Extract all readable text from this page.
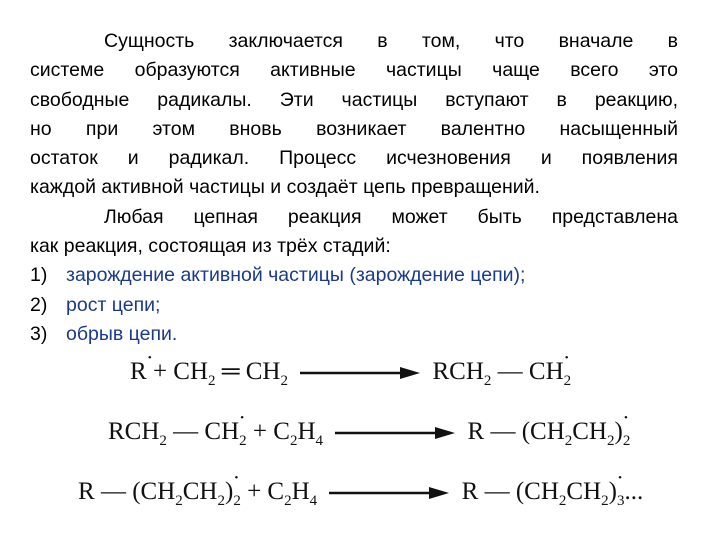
Сущность заключается в том, что вначале в
системе образуются активные частицы чаще всего это
свободные радикалы. Эти частицы вступают в реакцию,
но при этом вновь возникает валентно насыщенный
остаток и радикал. Процесс исчезновения и появления
каждой активной частицы и создаёт цепь превращений.
Любая цепная реакция может быть представлена
как реакция, состоящая из трёх стадий:
1) зарождение активной частицы (зарождение цепи);
2) рост цепи;
3) обрыв цепи.
R • + $CH_2$ ═ $CH_2$	$RCH_2$ — CH $•_2$
$RCH_2$ — CH $•_2 + C_2H_4$	R — $(CH_2CH_2)$ $•_2$
R — $(CH_2CH_2)$ $•_2 + C_2H_4$	R — $(CH_2CH_2)$ $•_3$...
